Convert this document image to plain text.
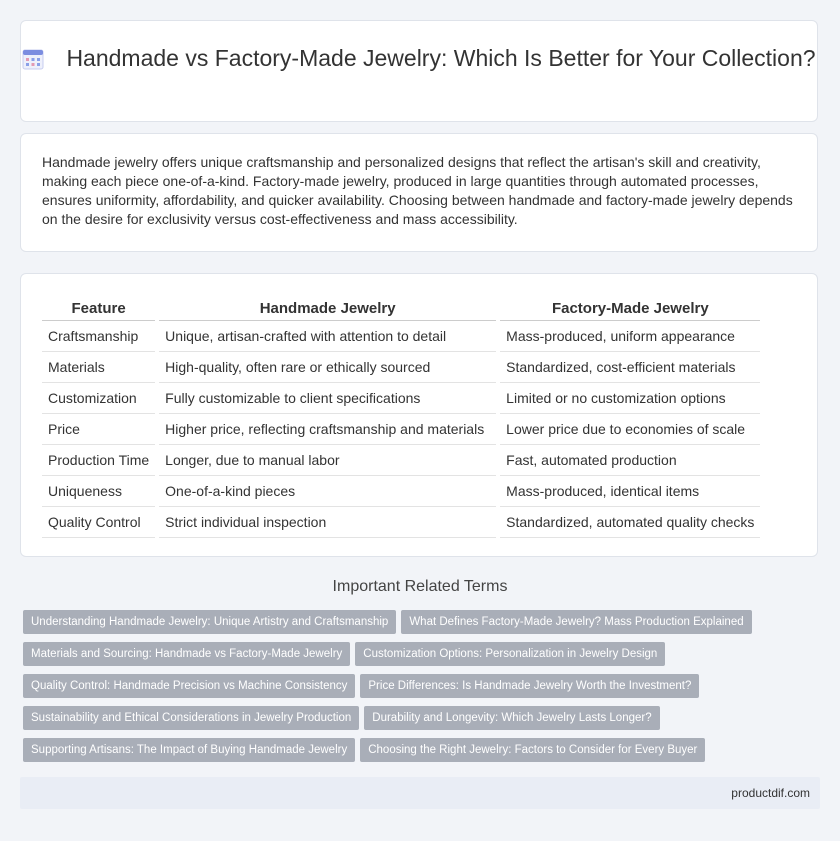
Handmade vs Factory-Made Jewelry: Which Is Better for Your Collection?

Handmade jewelry offers unique craftsmanship and personalized designs that reflect the artisan's skill and creativity, making each piece one-of-a-kind. Factory-made jewelry, produced in large quantities through automated processes, ensures uniformity, affordability, and quicker availability. Choosing between handmade and factory-made jewelry depends on the desire for exclusivity versus cost-effectiveness and mass accessibility.

Feature		Handmade Jewelry		Factory-Made Jewelry
Craftsmanship		Unique, artisan-crafted with attention to detail		Mass-produced, uniform appearance
Materials		High-quality, often rare or ethically sourced		Standardized, cost-efficient materials
Customization		Fully customizable to client specifications		Limited or no customization options
Price		Higher price, reflecting craftsmanship and materials		Lower price due to economies of scale
Production Time		Longer, due to manual labor		Fast, automated production
Uniqueness		One-of-a-kind pieces		Mass-produced, identical items
Quality Control		Strict individual inspection		Standardized, automated quality checks
Important Related Terms
Understanding Handmade Jewelry: Unique Artistry and Craftsmanship What Defines Factory-Made Jewelry? Mass Production Explained
Materials and Sourcing: Handmade vs Factory-Made Jewelry Customization Options: Personalization in Jewelry Design
Quality Control: Handmade Precision vs Machine Consistency Price Differences: Is Handmade Jewelry Worth the Investment?
Sustainability and Ethical Considerations in Jewelry Production Durability and Longevity: Which Jewelry Lasts Longer?
Supporting Artisans: The Impact of Buying Handmade Jewelry Choosing the Right Jewelry: Factors to Consider for Every Buyer
productdif.com
